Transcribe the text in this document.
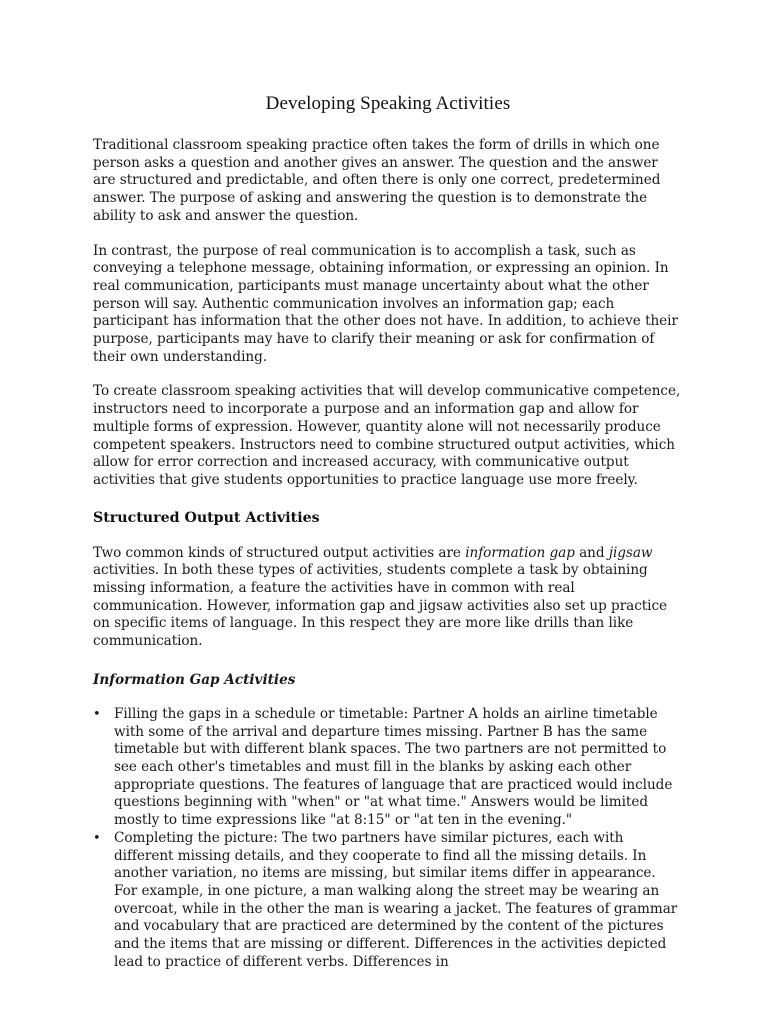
Developing Speaking Activities

Traditional classroom speaking practice often takes the form of drills in which one person asks a question and another gives an answer. The question and the answer are structured and predictable, and often there is only one correct, predetermined answer. The purpose of asking and answering the question is to demonstrate the ability to ask and answer the question.

In contrast, the purpose of real communication is to accomplish a task, such as conveying a telephone message, obtaining information, or expressing an opinion. In real communication, participants must manage uncertainty about what the other person will say. Authentic communication involves an information gap; each participant has information that the other does not have. In addition, to achieve their purpose, participants may have to clarify their meaning or ask for confirmation of their own understanding.

To create classroom speaking activities that will develop communicative competence, instructors need to incorporate a purpose and an information gap and allow for multiple forms of expression. However, quantity alone will not necessarily produce competent speakers. Instructors need to combine structured output activities, which allow for error correction and increased accuracy, with communicative output activities that give students opportunities to practice language use more freely.

Structured Output Activities

Two common kinds of structured output activities are information gap and jigsaw activities. In both these types of activities, students complete a task by obtaining missing information, a feature the activities have in common with real communication. However, information gap and jigsaw activities also set up practice on specific items of language. In this respect they are more like drills than like communication.

Information Gap Activities
• Filling the gaps in a schedule or timetable: Partner A holds an airline timetable with some of the arrival and departure times missing. Partner B has the same timetable but with different blank spaces. The two partners are not permitted to see each other's timetables and must fill in the blanks by asking each other appropriate questions. The features of language that are practiced would include questions beginning with "when" or "at what time." Answers would be limited mostly to time expressions like "at 8:15" or "at ten in the evening."
• Completing the picture: The two partners have similar pictures, each with different missing details, and they cooperate to find all the missing details. In another variation, no items are missing, but similar items differ in appearance. For example, in one picture, a man walking along the street may be wearing an overcoat, while in the other the man is wearing a jacket. The features of grammar and vocabulary that are practiced are determined by the content of the pictures and the items that are missing or different. Differences in the activities depicted lead to practice of different verbs. Differences in
